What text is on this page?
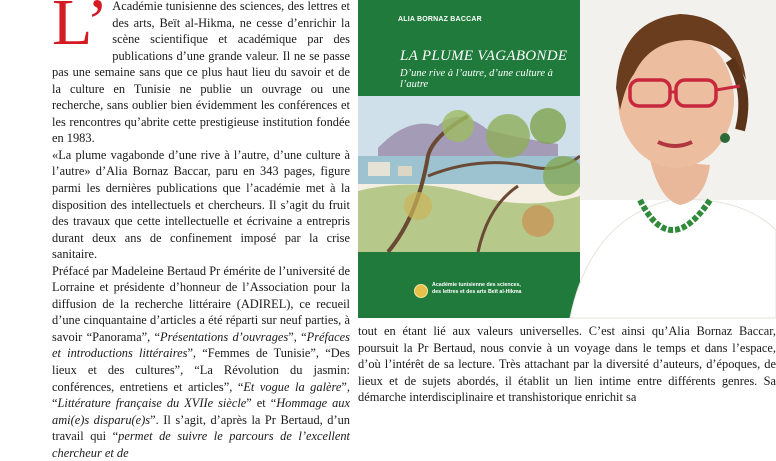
L’ Académie tunisienne des sciences, des lettres et des arts, Beït al-Hikma, ne cesse d’enrichir la scène scientifique et académique par des publications d’une grande valeur. Il ne se passe pas une semaine sans que ce plus haut lieu du savoir et de la culture en Tunisie ne publie un ouvrage ou une recherche, sans oublier bien évidemment les conférences et les rencontres qu’abrite cette prestigieuse institution fondée en 1983.

«La plume vagabonde d’une rive à l’autre, d’une culture à l’autre» d’Alia Bornaz Baccar, paru en 343 pages, figure parmi les dernières publications que l’académie met à la disposition des intellectuels et chercheurs. Il s’agit du fruit des travaux que cette intellectuelle et écrivaine a entrepris durant deux ans de confinement imposé par la crise sanitaire.

Préfacé par Madeleine Bertaud Pr émérite de l’université de Lorraine et présidente d’honneur de l’Association pour la diffusion de la recherche littéraire (ADIREL), ce recueil d’une cinquantaine d’articles a été réparti sur neuf parties, à savoir “Panorama”, “Présentations d’ouvrages”, “Préfaces et introductions littéraires”, “Femmes de Tunisie”, “Des lieux et des cultures”, “La Révolution du jasmin: conférences, entretiens et articles”, “Et vogue la galère”, “Littérature française du XVIIe siècle” et “Hommage aux ami(e)s disparu(e)s”. Il s’agit, d’après la Pr Bertaud, d’un travail qui “permet de suivre le parcours de l’excellent chercheur et de

ALIA BORNAZ BACCAR
LA PLUME VAGABONDE
D’une rive à l’autre, d’une culture à l’autre
Académie tunisienne des sciences,
des lettres et des arts Beït al-Hikma

tout en étant lié aux valeurs universelles. C’est ainsi qu’Alia Bornaz Baccar, poursuit la Pr Bertaud, nous convie à un voyage dans le temps et dans l’espace, d’où l’intérêt de sa lecture. Très attachant par la diversité d’auteurs, d’époques, de lieux et de sujets abordés, il établit un lien intime entre différents genres. Sa démarche interdisciplinaire et transhistorique enrichit sa
